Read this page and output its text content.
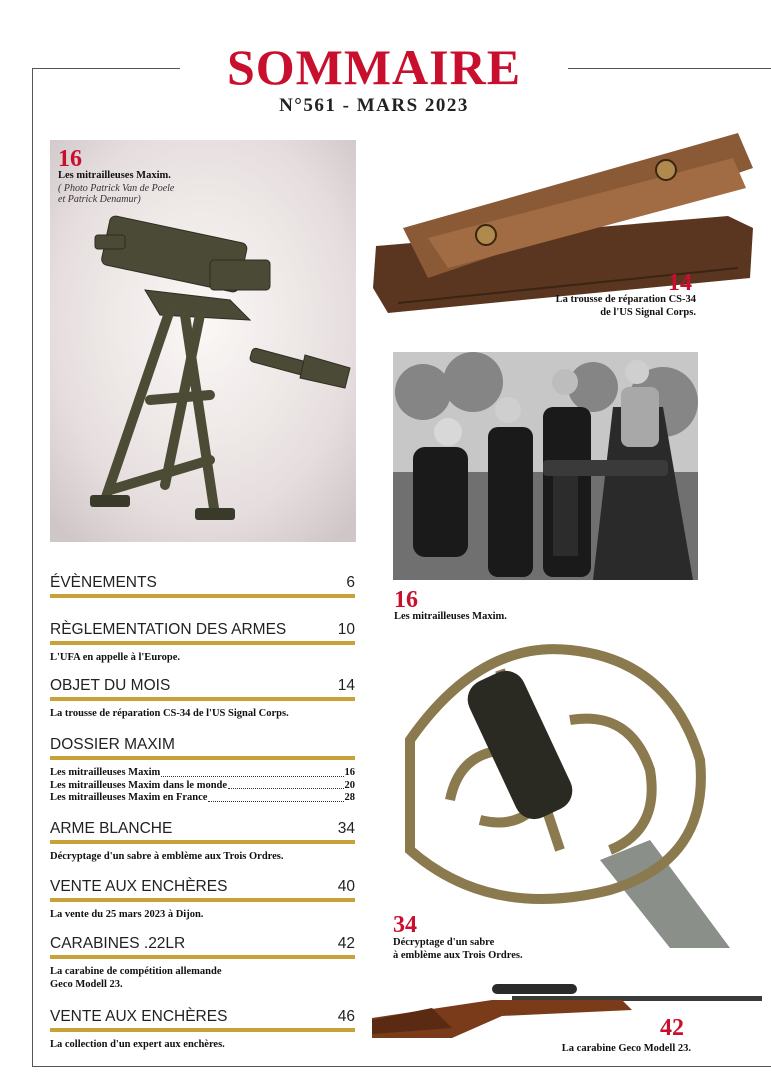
SOMMAIRE
N°561 - MARS 2023
16
Les mitrailleuses Maxim.
( Photo Patrick Van de Poele
et Patrick Denamur)
14
La trousse de réparation CS-34
de l'US Signal Corps.
16
Les mitrailleuses Maxim.
34
Décryptage d'un sabre
à emblème aux Trois Ordres.
42
La carabine Geco Modell 23.
ÉVÈNEMENTS	6
RÈGLEMENTATION DES ARMES	10
L'UFA en appelle à l'Europe.
OBJET DU MOIS	14
La trousse de réparation CS-34 de l'US Signal Corps.
DOSSIER MAXIM
Les mitrailleuses Maxim	16
Les mitrailleuses Maxim dans le monde	20
Les mitrailleuses Maxim en France	28
ARME BLANCHE	34
Décryptage d'un sabre à emblème aux Trois Ordres.
VENTE AUX ENCHÈRES	40
La vente du 25 mars 2023 à Dijon.
CARABINES .22LR	42
La carabine de compétition allemande
Geco Modell 23.
VENTE AUX ENCHÈRES	46
La collection d'un expert aux enchères.
